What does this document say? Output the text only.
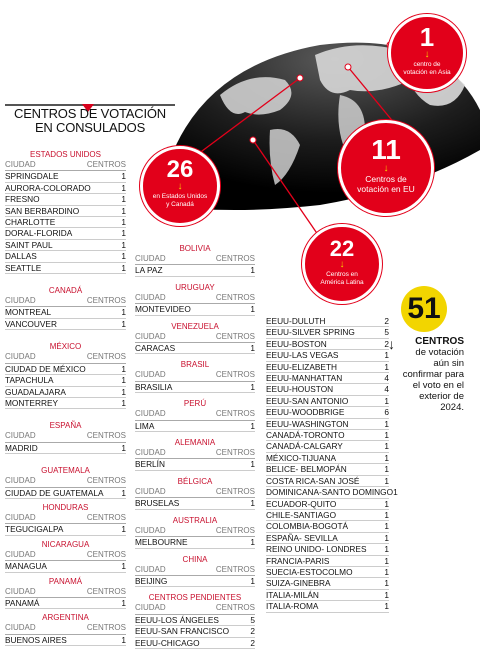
1
↓
centro de votación en Asia
26
↓
en Estados Unidos y Canadá
11
↓
Centros de votación en EU
22
↓
Centros en América Latina
51
↓	CENTROS
de votación aún sin confirmar para el voto en el exterior de 2024.
CENTROS DE VOTACIÓN EN CONSULADOS
ESTADOS UNIDOS
CIUDAD	CENTROS
SPRINGDALE	1
AURORA-COLORADO	1
FRESNO	1
SAN BERBARDINO	1
CHARLOTTE	1
DORAL-FLORIDA	1
SAINT PAUL	1
DALLAS	1
SEATTLE	1
CANADÁ
CIUDAD	CENTROS
MONTREAL	1
VANCOUVER	1
MÉXICO
CIUDAD	CENTROS
CIUDAD DE MÉXICO	1
TAPACHULA	1
GUADALAJARA	1
MONTERREY	1
ESPAÑA
CIUDAD	CENTROS
MADRID	1
GUATEMALA
CIUDAD	CENTROS
CIUDAD DE GUATEMALA 1
HONDURAS
CIUDAD	CENTROS
TEGUCIGALPA	1
NICARAGUA
CIUDAD	CENTROS
MANAGUA	1
PANAMÁ
CIUDAD	CENTROS
PANAMÁ	1
ARGENTINA
CIUDAD	CENTROS
BUENOS AIRES	1
BOLIVIA
CIUDAD	CENTROS
LA PAZ	1
URUGUAY
CIUDAD	CENTROS
MONTEVIDEO	1
VENEZUELA
CIUDAD	CENTROS
CARACAS	1
BRASIL
CIUDAD	CENTROS
BRASILIA	1
PERÚ
CIUDAD	CENTROS
LIMA	1
ALEMANIA
CIUDAD	CENTROS
BERLÍN	1
BÉLGICA
CIUDAD	CENTROS
BRUSELAS	1
AUSTRALIA
CIUDAD	CENTROS
MELBOURNE	1
CHINA
CIUDAD	CENTROS
BEIJING	1
CENTROS PENDIENTES
CIUDAD	CENTROS
EEUU-LOS ÁNGELES	5
EEUU-SAN FRANCISCO	2
EEUU-CHICAGO	2
EEUU-DULUTH	2
EEUU-SILVER SPRING	5
EEUU-BOSTON	2
EEUU-LAS VEGAS	1
EEUU-ELIZABETH	1
EEUU-MANHATTAN	4
EEUU-HOUSTON	4
EEUU-SAN ANTONIO	1
EEUU-WOODBRIGE	6
EEUU-WASHINGTON	1
CANADÁ-TORONTO	1
CANADÁ-CALGARY	1
MÉXICO-TIJUANA	1
BELICE- BELMOPÁN	1
COSTA RICA-SAN JOSÉ	1
DOMINICANA-SANTO DOMINGO 1
ECUADOR-QUITO	1
CHILE-SANTIAGO	1
COLOMBIA-BOGOTÁ	1
ESPAÑA- SEVILLA	1
REINO UNIDO- LONDRES 1
FRANCIA-PARIS	1
SUECIA-ESTOCOLMO	1
SUIZA-GINEBRA	1
ITALIA-MILÁN	1
ITALIA-ROMA	1
